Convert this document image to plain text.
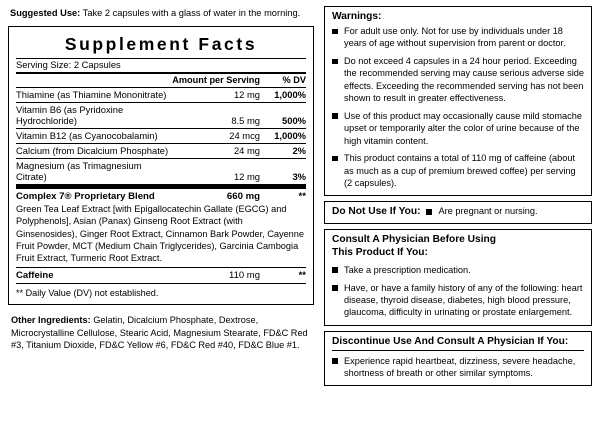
Suggested Use: Take 2 capsules with a glass of water in the morning.
Supplement Facts
Serving Size: 2 Capsules
	Amount per Serving	% DV
Thiamine (as Thiamine Mononitrate)	12 mg	1,000%
Vitamin B6 (as Pyridoxine Hydrochloride)	8.5 mg	500%
Vitamin B12 (as Cyanocobalamin)	24 mcg	1,000%
Calcium (from Dicalcium Phosphate)	24 mg	2%
Magnesium (as Trimagnesium Citrate)	12 mg	3%
Complex 7® Proprietary Blend	660 mg	**
Green Tea Leaf Extract [with Epigallocatechin Gallate (EGCG) and Polyphenols], Asian (Panax) Ginseng Root Extract (with Ginsenosides), Ginger Root Extract, Cinnamon Bark Powder, Cayenne Fruit Powder, MCT (Medium Chain Triglycerides), Garcinia Cambogia Fruit Extract, Turmeric Root Extract.
Caffeine	110 mg	**
** Daily Value (DV) not established.
Other Ingredients: Gelatin, Dicalcium Phosphate, Dextrose, Microcrystalline Cellulose, Stearic Acid, Magnesium Stearate, FD&C Red #3, Titanium Dioxide, FD&C Yellow #6, FD&C Red #40, FD&C Blue #1.
Warnings:
For adult use only. Not for use by individuals under 18 years of age without supervision from parent or doctor.
Do not exceed 4 capsules in a 24 hour period. Exceeding the recommended serving may cause serious adverse side effects. Exceeding the recommended serving has not been shown to result in greater effectiveness.
Use of this product may occasionally cause mild stomache upset or temporarily alter the color of urine because of the high vitamin content.
This product contains a total of 110 mg of caffeine (about as much as a cup of premium brewed coffee) per serving (2 capsules).
Do Not Use If You:	Are pregnant or nursing.
Consult A Physician Before Using
This Product If You:
Take a prescription medication.
Have, or have a family history of any of the following: heart disease, thyroid disease, diabetes, high blood pressure, glaucoma, difficulty in urinating or prostate enlargement.
Discontinue Use And Consult A Physician If You:
Experience rapid heartbeat, dizziness, severe headache, shortness of breath or other similar symptoms.
